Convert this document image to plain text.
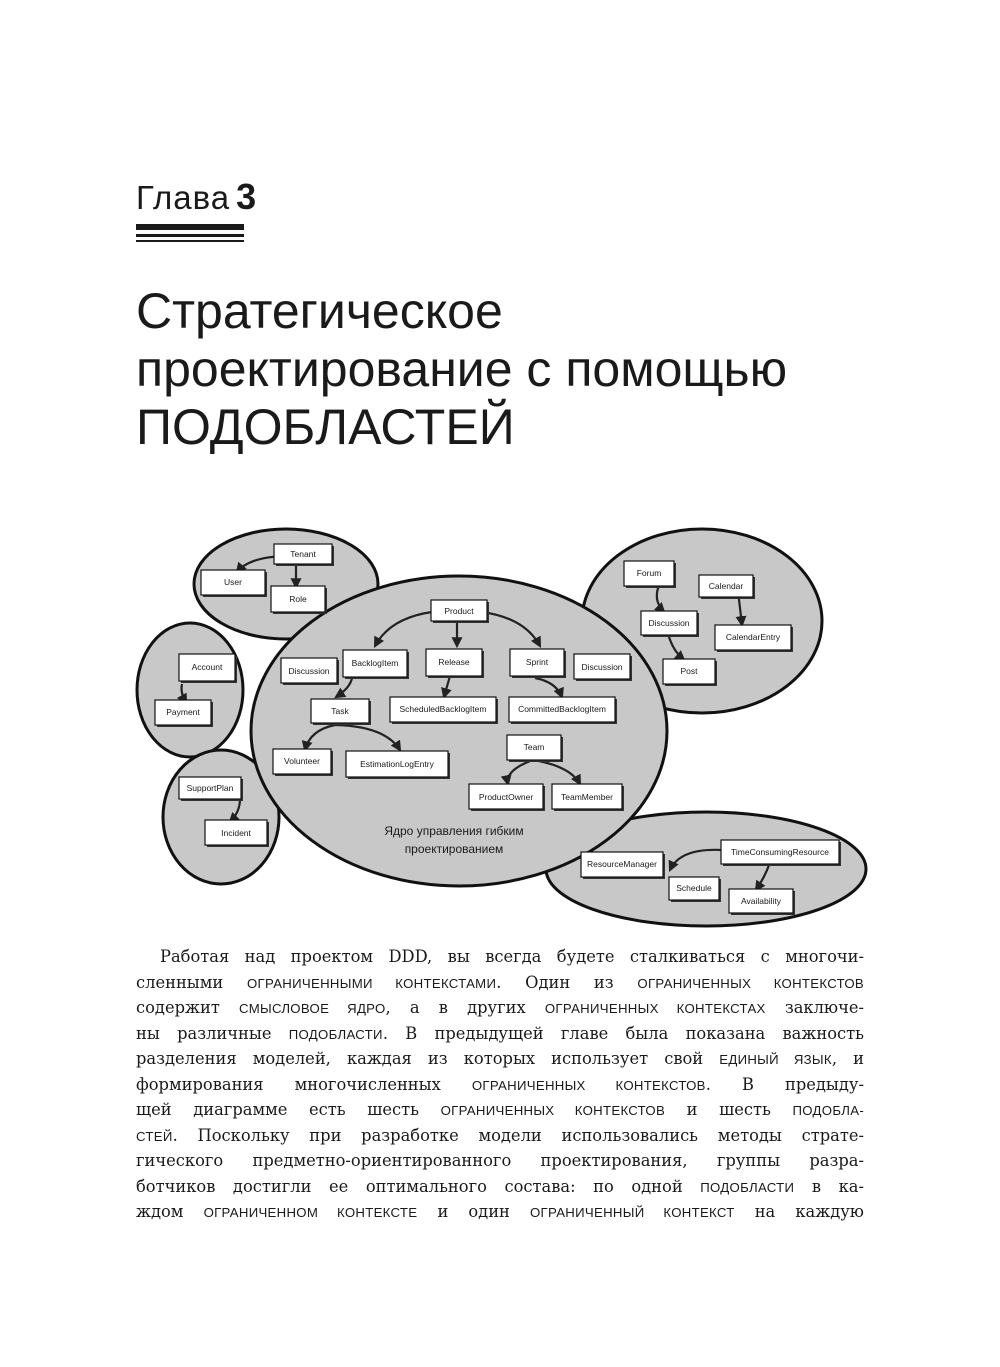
Глава 3
Стратегическое
проектирование с помощью
ПОДОБЛАСТЕЙ
Tenant
User
Role
Account
Payment
SupportPlan
Incident
Product
Discussion
BacklogItem	Release	Sprint	Discussion
Task	ScheduledBacklogItem	CommittedBacklogItem
Volunteer	EstimationLogEntry
Team
ProductOwner	TeamMember
Forum
Calendar
Discussion
CalendarEntry
Post
ResourceManager
TimeConsumingResource
Schedule
Availability
Ядро управления гибким
проектированием
Работая над проектом DDD, вы всегда будете сталкиваться с многочи-
сленными ОГРАНИЧЕННЫМИ КОНТЕКСТАМИ. Один из ОГРАНИЧЕННЫХ КОНТЕКСТОВ
содержит СМЫСЛОВОЕ ЯДРО, а в других ОГРАНИЧЕННЫХ КОНТЕКСТАХ заключе-
ны различные ПОДОБЛАСТИ. В предыдущей главе была показана важность
разделения моделей, каждая из которых использует свой ЕДИНЫЙ ЯЗЫК, и
формирования многочисленных ОГРАНИЧЕННЫХ КОНТЕКСТОВ. В предыду-
щей диаграмме есть шесть ОГРАНИЧЕННЫХ КОНТЕКСТОВ и шесть ПОДОБЛА-
СТЕЙ. Поскольку при разработке модели использовались методы страте-
гического предметно-ориентированного проектирования, группы разра-
ботчиков достигли ее оптимального состава: по одной ПОДОБЛАСТИ в ка-
ждом ОГРАНИЧЕННОМ КОНТЕКСТЕ и один ОГРАНИЧЕННЫЙ КОНТЕКСТ на каждую
